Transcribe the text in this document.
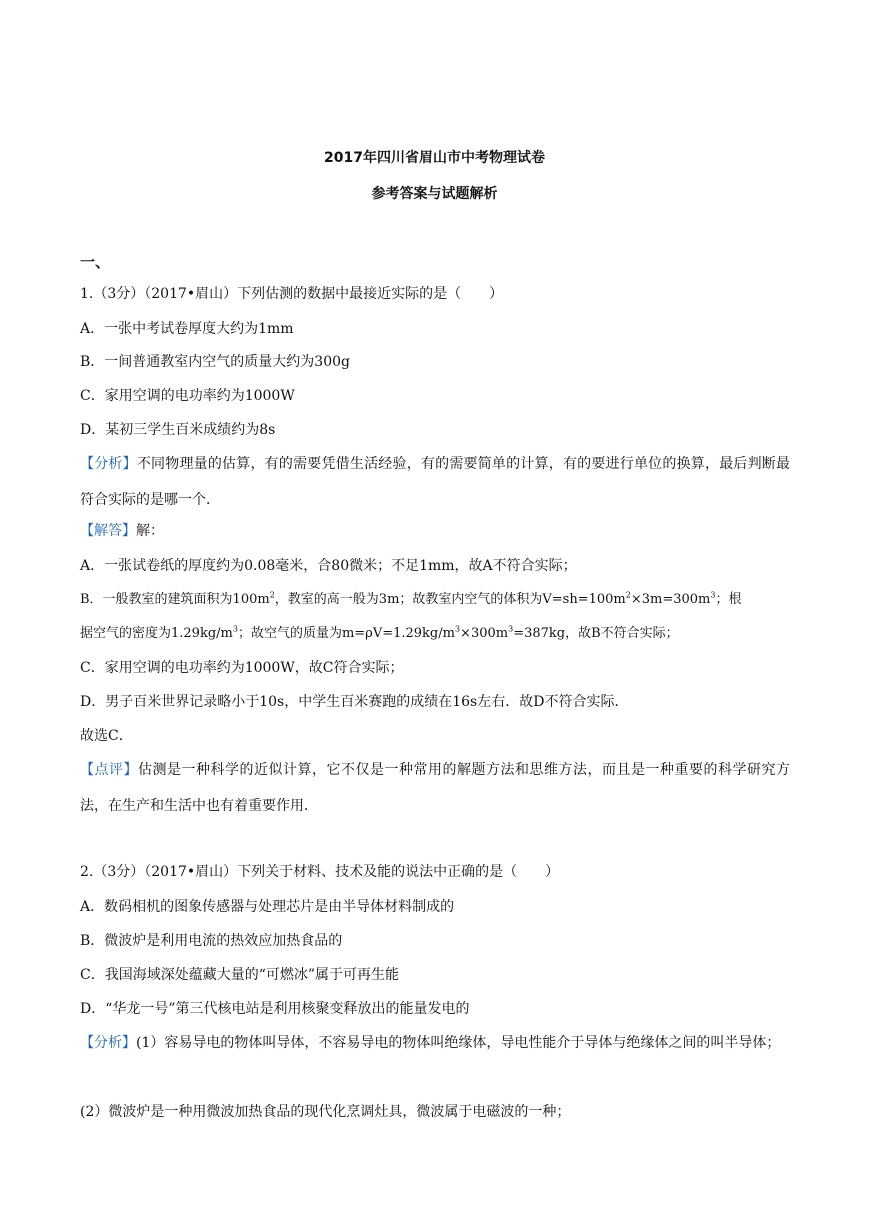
2017年四川省眉山市中考物理试卷

参考答案与试题解析

一、

1.（3分）（2017•眉山）下列估测的数据中最接近实际的是（　　）

A．一张中考试卷厚度大约为1mm

B．一间普通教室内空气的质量大约为300g

C．家用空调的电功率约为1000W

D．某初三学生百米成绩约为8s

【分析】不同物理量的估算，有的需要凭借生活经验，有的需要简单的计算，有的要进行单位的换算，最后判断最符合实际的是哪一个．

【解答】解：

A．一张试卷纸的厚度约为0.08毫米，合80微米；不足1mm，故A不符合实际；

B．一般教室的建筑面积为$100m^2$，教室的高一般为3m；故教室内空气的体积为$V=sh=100m^2\times 3m=300m^3$；根

据空气的密度为$1.29kg/m^3$；故空气的质量为$m=\rho V=1.29kg/m^3\times 300m^3=387kg$，故B不符合实际；

C．家用空调的电功率约为1000W，故C符合实际；

D．男子百米世界记录略小于10s，中学生百米赛跑的成绩在16s左右．故D不符合实际．

故选C．

【点评】估测是一种科学的近似计算，它不仅是一种常用的解题方法和思维方法，而且是一种重要的科学研究方法，在生产和生活中也有着重要作用．

2.（3分）（2017•眉山）下列关于材料、技术及能的说法中正确的是（　　）

A．数码相机的图象传感器与处理芯片是由半导体材料制成的

B．微波炉是利用电流的热效应加热食品的

C．我国海域深处蕴藏大量的“可燃冰”属于可再生能

D．“华龙一号”第三代核电站是利用核聚变释放出的能量发电的

【分析】(1）容易导电的物体叫导体，不容易导电的物体叫绝缘体，导电性能介于导体与绝缘体之间的叫半导体；

(2）微波炉是一种用微波加热食品的现代化烹调灶具，微波属于电磁波的一种；
